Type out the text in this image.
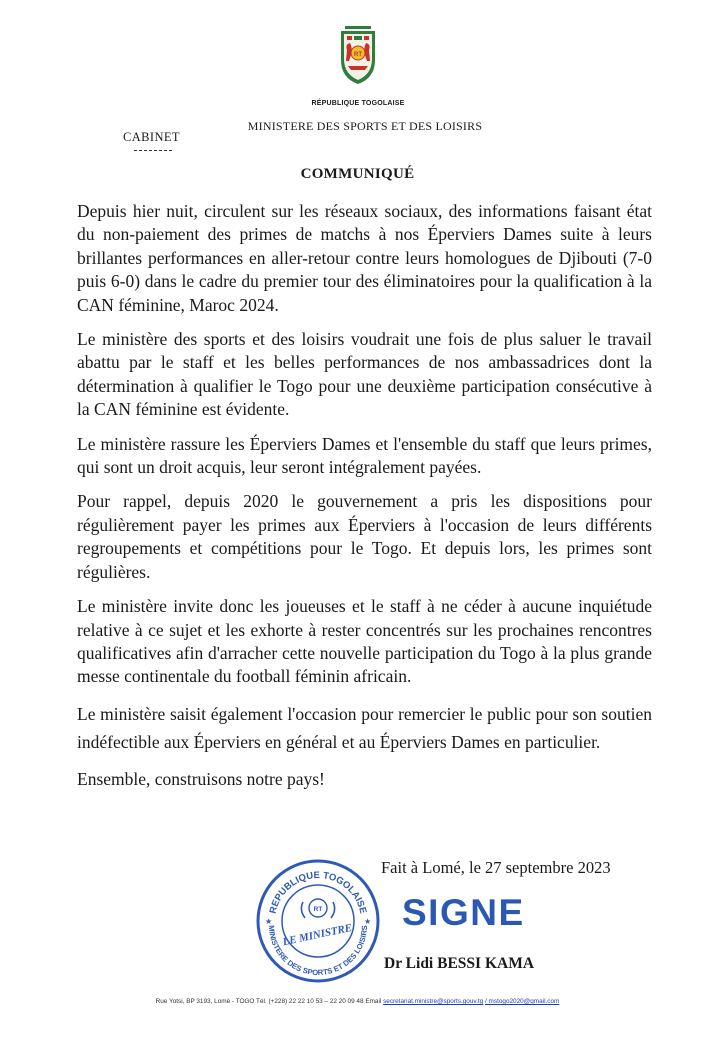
RT
RÉPUBLIQUE TOGOLAISE
MINISTERE DES SPORTS ET DES LOISIRS
CABINET
COMMUNIQUÉ

Depuis hier nuit, circulent sur les réseaux sociaux, des informations faisant état du non-paiement des primes de matchs à nos Éperviers Dames suite à leurs brillantes performances en aller-retour contre leurs homologues de Djibouti (7-0 puis 6-0) dans le cadre du premier tour des éliminatoires pour la qualification à la CAN féminine, Maroc 2024.

Le ministère des sports et des loisirs voudrait une fois de plus saluer le travail abattu par le staff et les belles performances de nos ambassadrices dont la détermination à qualifier le Togo pour une deuxième participation consécutive à la CAN féminine est évidente.

Le ministère rassure les Éperviers Dames et l'ensemble du staff que leurs primes, qui sont un droit acquis, leur seront intégralement payées.

Pour rappel, depuis 2020 le gouvernement a pris les dispositions pour régulièrement payer les primes aux Éperviers à l'occasion de leurs différents regroupements et compétitions pour le Togo. Et depuis lors, les primes sont régulières.

Le ministère invite donc les joueuses et le staff à ne céder à aucune inquiétude relative à ce sujet et les exhorte à rester concentrés sur les prochaines rencontres qualificatives afin d'arracher cette nouvelle participation du Togo à la plus grande messe continentale du football féminin africain.

Le ministère saisit également l'occasion pour remercier le public pour son soutien indéfectible aux Éperviers en général et au Éperviers Dames en particulier.

Ensemble, construisons notre pays!

REPUBLIQUE TOGOLAISE
MINISTERE DES SPORTS ET DES LOISIRS
★	★
RT
LE MINISTRE
Fait à Lomé, le 27 septembre 2023
SIGNE
Dr Lidi BESSI KAMA
Rue Yotsi, BP 3193, Lomé - TOGO Tél. (+228) 22 22 10 53 – 22 20 09 48 Email secretariat.ministre@sports.gouv.tg / mstogo2020@gmail.com
